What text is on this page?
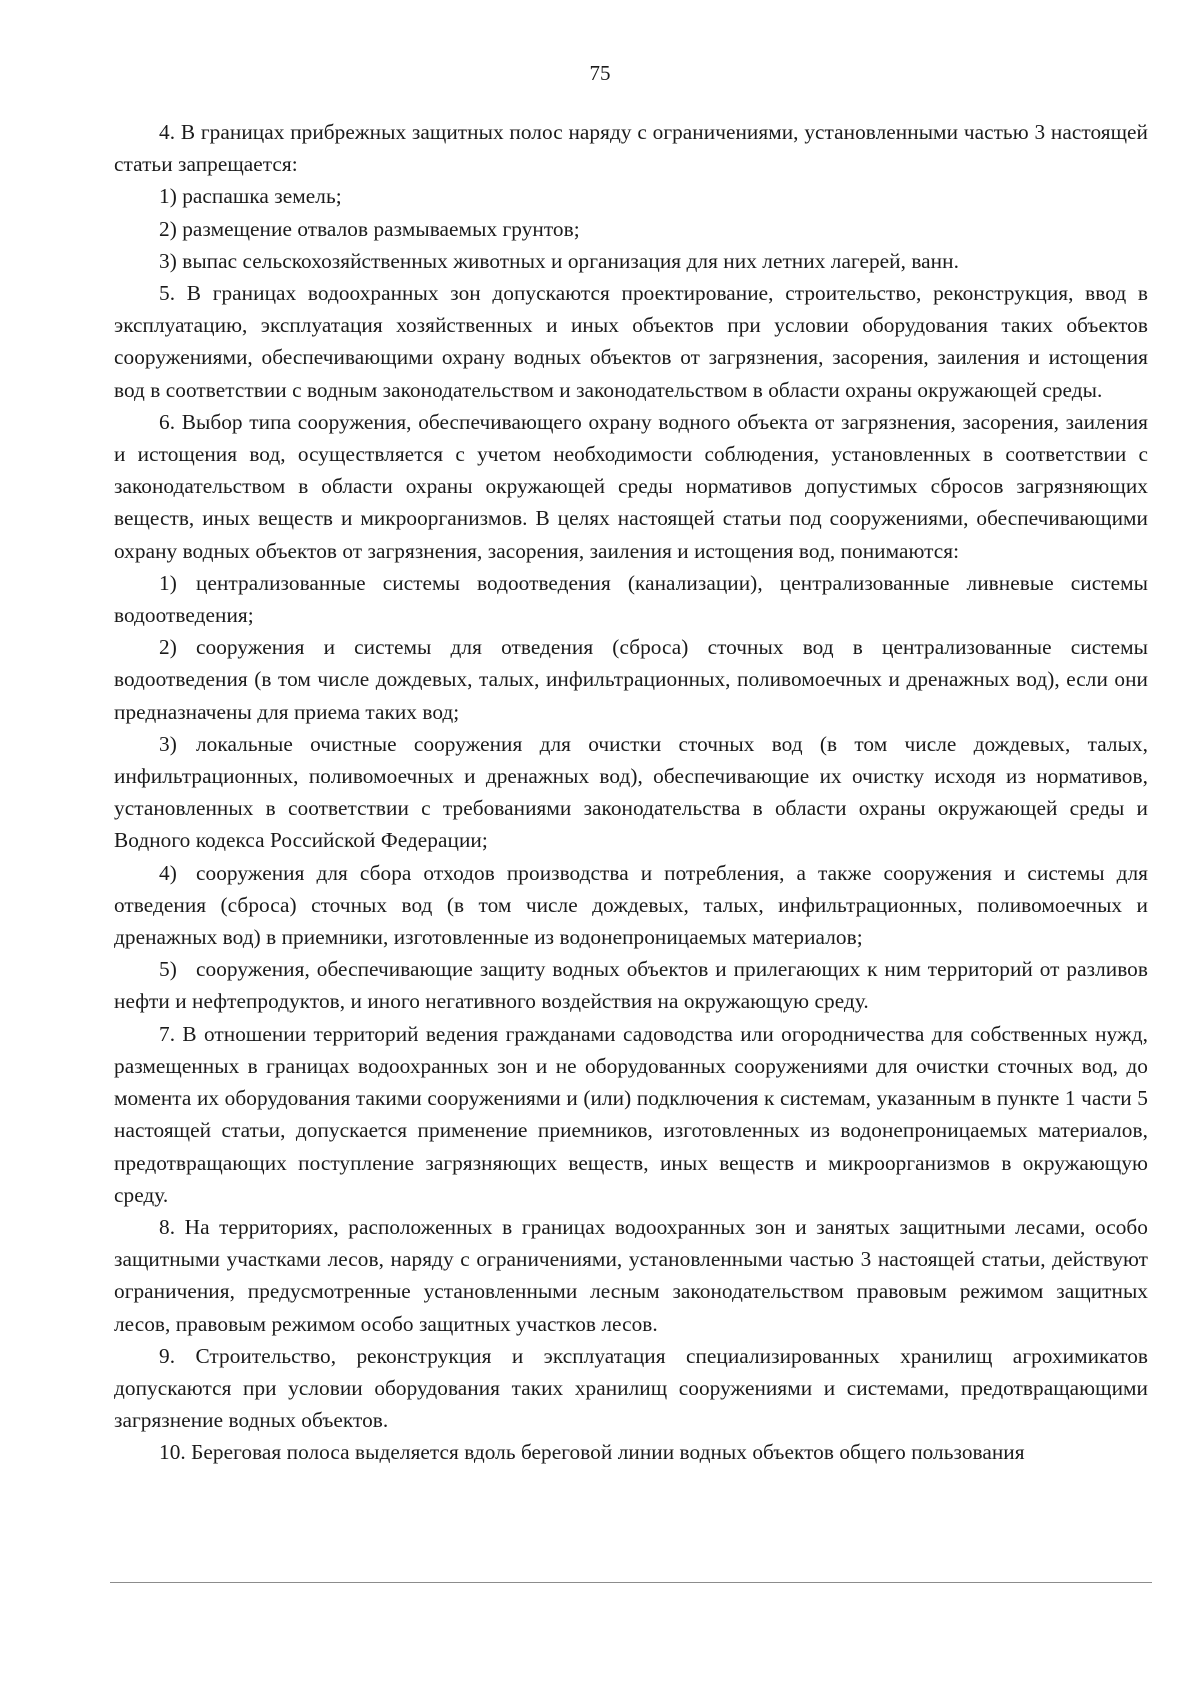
75

4. В границах прибрежных защитных полос наряду с ограничениями, установленными частью 3 настоящей статьи запрещается:

1) распашка земель;

2) размещение отвалов размываемых грунтов;

3) выпас сельскохозяйственных животных и организация для них летних лагерей, ванн.

5. В границах водоохранных зон допускаются проектирование, строительство, реконструкция, ввод в эксплуатацию, эксплуатация хозяйственных и иных объектов при условии оборудования таких объектов сооружениями, обеспечивающими охрану водных объектов от загрязнения, засорения, заиления и истощения вод в соответствии с водным законодательством и законодательством в области охраны окружающей среды.

6. Выбор типа сооружения, обеспечивающего охрану водного объекта от загрязнения, засорения, заиления и истощения вод, осуществляется с учетом необходимости соблюдения, установленных в соответствии с законодательством в области охраны окружающей среды нормативов допустимых сбросов загрязняющих веществ, иных веществ и микроорганизмов. В целях настоящей статьи под сооружениями, обеспечивающими охрану водных объектов от загрязнения, засорения, заиления и истощения вод, понимаются:

1) централизованные системы водоотведения (канализации), централизованные ливневые системы водоотведения;

2) сооружения и системы для отведения (сброса) сточных вод в централизованные системы водоотведения (в том числе дождевых, талых, инфильтрационных, поливомоечных и дренажных вод), если они предназначены для приема таких вод;

3) локальные очистные сооружения для очистки сточных вод (в том числе дождевых, талых, инфильтрационных, поливомоечных и дренажных вод), обеспечивающие их очистку исходя из нормативов, установленных в соответствии с требованиями законодательства в области охраны окружающей среды и Водного кодекса Российской Федерации;

4) сооружения для сбора отходов производства и потребления, а также сооружения и системы для отведения (сброса) сточных вод (в том числе дождевых, талых, инфильтрационных, поливомоечных и дренажных вод) в приемники, изготовленные из водонепроницаемых материалов;

5) сооружения, обеспечивающие защиту водных объектов и прилегающих к ним территорий от разливов нефти и нефтепродуктов, и иного негативного воздействия на окружающую среду.

7. В отношении территорий ведения гражданами садоводства или огородничества для собственных нужд, размещенных в границах водоохранных зон и не оборудованных сооружениями для очистки сточных вод, до момента их оборудования такими сооружениями и (или) подключения к системам, указанным в пункте 1 части 5 настоящей статьи, допускается применение приемников, изготовленных из водонепроницаемых материалов, предотвращающих поступление загрязняющих веществ, иных веществ и микроорганизмов в окружающую среду.

8. На территориях, расположенных в границах водоохранных зон и занятых защитными лесами, особо защитными участками лесов, наряду с ограничениями, установленными частью 3 настоящей статьи, действуют ограничения, предусмотренные установленными лесным законодательством правовым режимом защитных лесов, правовым режимом особо защитных участков лесов.

9. Строительство, реконструкция и эксплуатация специализированных хранилищ агрохимикатов допускаются при условии оборудования таких хранилищ сооружениями и системами, предотвращающими загрязнение водных объектов.

10. Береговая полоса выделяется вдоль береговой линии водных объектов общего пользования
